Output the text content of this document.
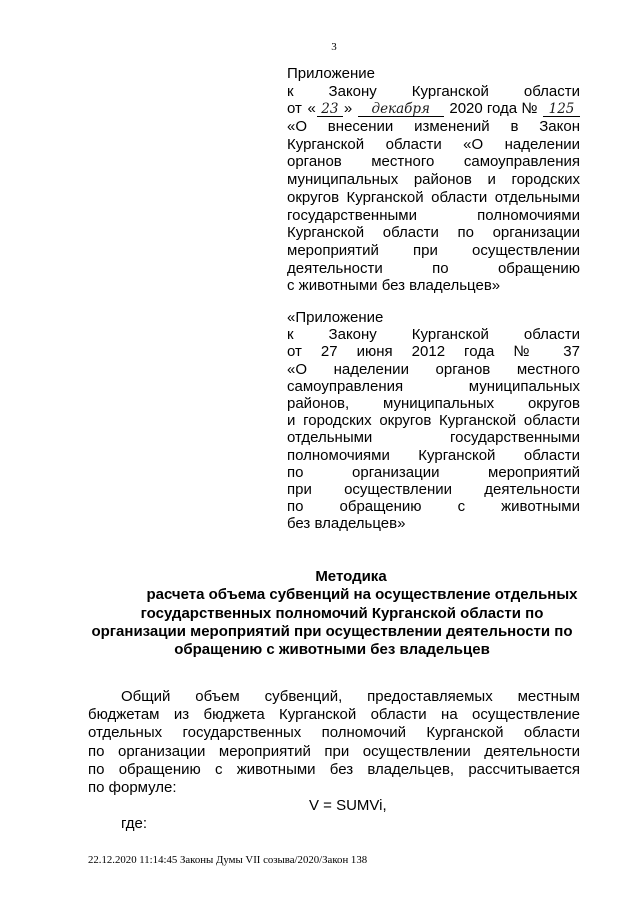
3
Приложение
к Закону Курганской области
от « 23 »	декабря	2020 года № 125
«О внесении изменений в Закон
Курганской области «О наделении
органов местного самоуправления
муниципальных районов и городских
округов Курганской области отдельными
государственными полномочиями
Курганской области по организации
мероприятий при осуществлении
деятельности по обращению
с животными без владельцев»
«Приложение
к Закону Курганской области
от 27 июня 2012 года № 37
«О наделении органов местного
самоуправления муниципальных
районов, муниципальных округов
и городских округов Курганской области
отдельными государственными
полномочиями Курганской области
по организации мероприятий
при осуществлении деятельности
по обращению с животными
без владельцев»
Методика
расчета объема субвенций на осуществление отдельных
государственных полномочий Курганской области по
организации мероприятий при осуществлении деятельности по
обращению с животными без владельцев
Общий объем субвенций, предоставляемых местным
бюджетам из бюджета Курганской области на осуществление
отдельных государственных полномочий Курганской области
по организации мероприятий при осуществлении деятельности
по обращению с животными без владельцев, рассчитывается
по формуле:
V = SUMVi,
где:
22.12.2020 11:14:45 Законы Думы VII созыва/2020/Закон 138
